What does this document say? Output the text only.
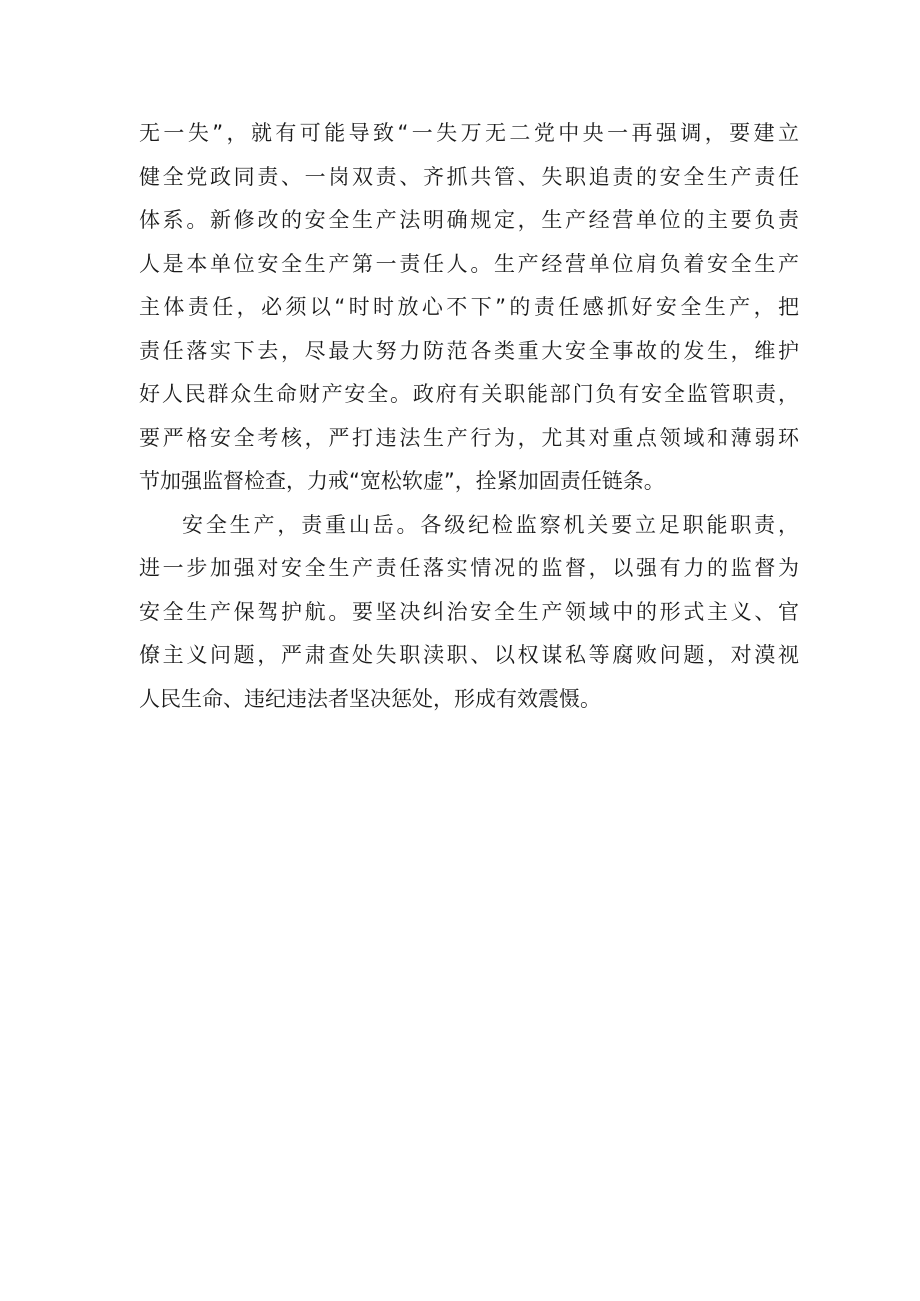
无一失”，就有可能导致“一失万无二党中央一再强调，要建立
健全党政同责、一岗双责、齐抓共管、失职追责的安全生产责任
体系。新修改的安全生产法明确规定，生产经营单位的主要负责
人是本单位安全生产第一责任人。生产经营单位肩负着安全生产
主体责任，必须以“时时放心不下”的责任感抓好安全生产，把
责任落实下去，尽最大努力防范各类重大安全事故的发生，维护
好人民群众生命财产安全。政府有关职能部门负有安全监管职责，
要严格安全考核，严打违法生产行为，尤其对重点领域和薄弱环
节加强监督检查，力戒“宽松软虚”，拴紧加固责任链条。
安全生产，责重山岳。各级纪检监察机关要立足职能职责，
进一步加强对安全生产责任落实情况的监督，以强有力的监督为
安全生产保驾护航。要坚决纠治安全生产领域中的形式主义、官
僚主义问题，严肃查处失职渎职、以权谋私等腐败问题，对漠视
人民生命、违纪违法者坚决惩处，形成有效震慑。
